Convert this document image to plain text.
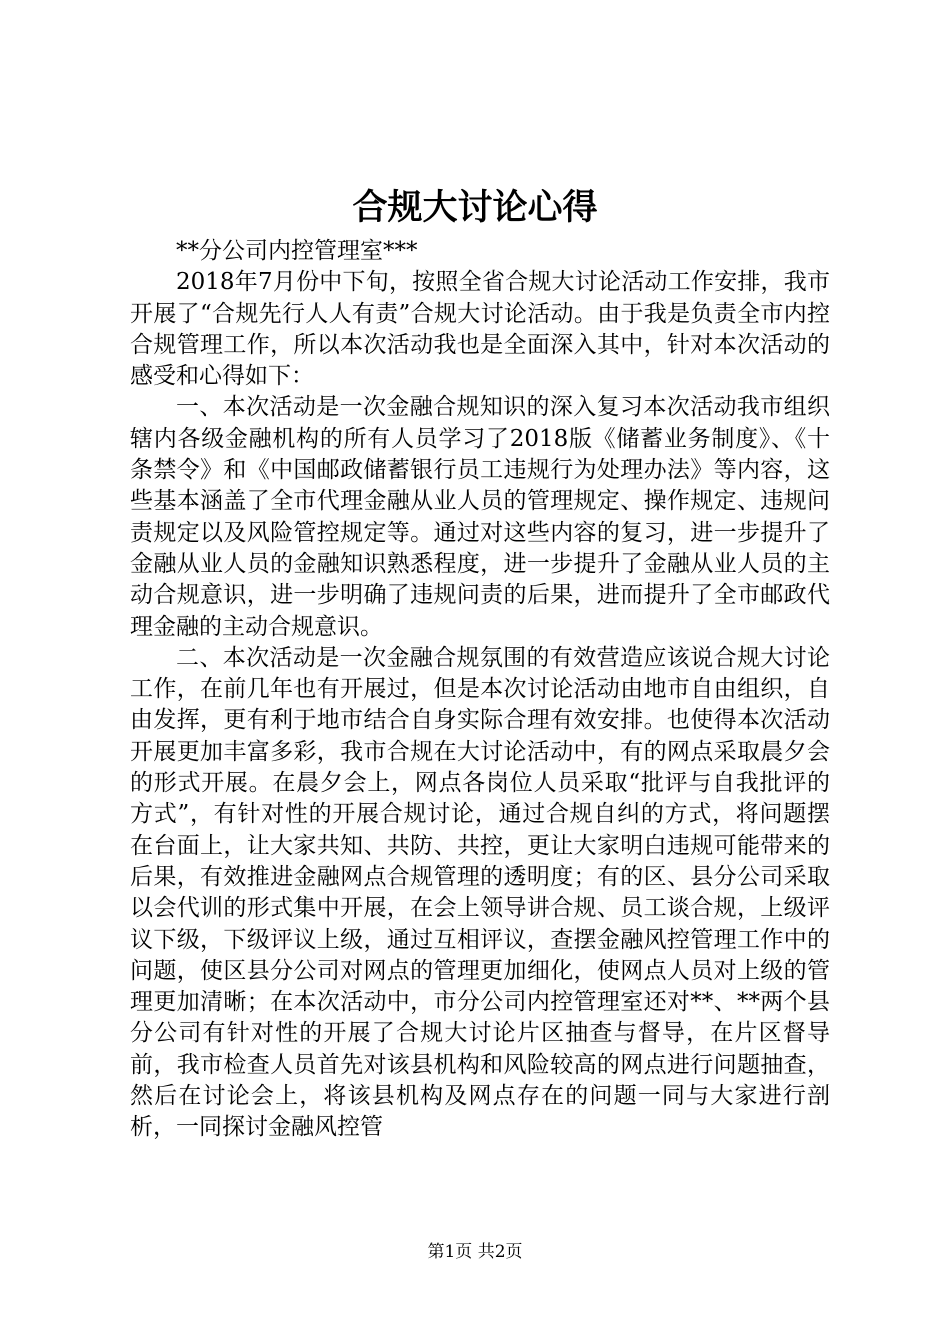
合规大讨论心得

**分公司内控管理室***

2018年7月份中下旬，按照全省合规大讨论活动工作安排，我市开展了“合规先行人人有责”合规大讨论活动。由于我是负责全市内控合规管理工作，所以本次活动我也是全面深入其中，针对本次活动的感受和心得如下：

一、本次活动是一次金融合规知识的深入复习本次活动我市组织辖内各级金融机构的所有人员学习了2018版《储蓄业务制度》、《十条禁令》和《中国邮政储蓄银行员工违规行为处理办法》等内容，这些基本涵盖了全市代理金融从业人员的管理规定、操作规定、违规问责规定以及风险管控规定等。通过对这些内容的复习，进一步提升了金融从业人员的金融知识熟悉程度，进一步提升了金融从业人员的主动合规意识，进一步明确了违规问责的后果，进而提升了全市邮政代理金融的主动合规意识。

二、本次活动是一次金融合规氛围的有效营造应该说合规大讨论工作，在前几年也有开展过，但是本次讨论活动由地市自由组织，自由发挥，更有利于地市结合自身实际合理有效安排。也使得本次活动开展更加丰富多彩，我市合规在大讨论活动中，有的网点采取晨夕会的形式开展。在晨夕会上，网点各岗位人员采取“批评与自我批评的方式”，有针对性的开展合规讨论，通过合规自纠的方式，将问题摆在台面上，让大家共知、共防、共控，更让大家明白违规可能带来的后果，有效推进金融网点合规管理的透明度；有的区、县分公司采取以会代训的形式集中开展，在会上领导讲合规、员工谈合规，上级评议下级，下级评议上级，通过互相评议，查摆金融风控管理工作中的问题，使区县分公司对网点的管理更加细化，使网点人员对上级的管理更加清晰；在本次活动中，市分公司内控管理室还对**、**两个县分公司有针对性的开展了合规大讨论片区抽查与督导，在片区督导前，我市检查人员首先对该县机构和风险较高的网点进行问题抽查，然后在讨论会上，将该县机构及网点存在的问题一同与大家进行剖析，一同探讨金融风控管

第1页 共2页
